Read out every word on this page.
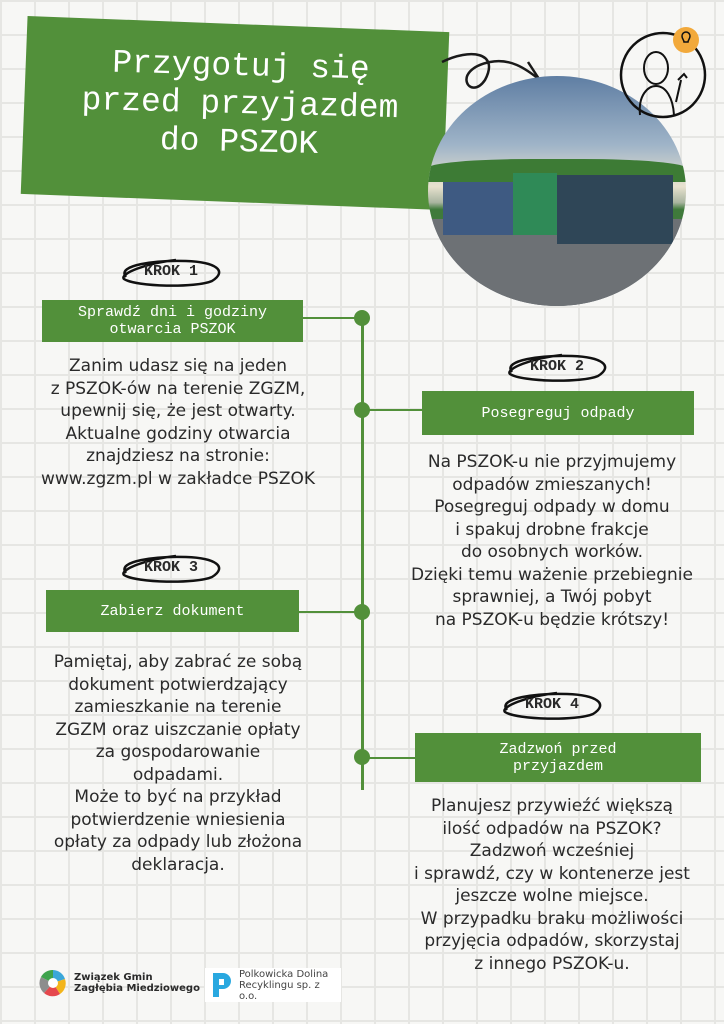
Przygotuj się
przed przyjazdem
do PSZOK
KROK 1
Sprawdź dni i godziny
otwarcia PSZOK
Zanim udasz się na jeden
z PSZOK-ów na terenie ZGZM,
upewnij się, że jest otwarty.
Aktualne godziny otwarcia
znajdziesz na stronie:
www.zgzm.pl w zakładce PSZOK
KROK 2
Posegreguj odpady
Na PSZOK-u nie przyjmujemy
odpadów zmieszanych!
Posegreguj odpady w domu
i spakuj drobne frakcje
do osobnych worków.
Dzięki temu ważenie przebiegnie
sprawniej, a Twój pobyt
na PSZOK-u będzie krótszy!
KROK 3
Zabierz dokument
Pamiętaj, aby zabrać ze sobą
dokument potwierdzający
zamieszkanie na terenie
ZGZM oraz uiszczanie opłaty
za gospodarowanie
odpadami.
Może to być na przykład
potwierdzenie wniesienia
opłaty za odpady lub złożona
deklaracja.
KROK 4
Zadzwoń przed
przyjazdem
Planujesz przywieźć większą
ilość odpadów na PSZOK?
Zadzwoń wcześniej
i sprawdź, czy w kontenerze jest
jeszcze wolne miejsce.
W przypadku braku możliwości
przyjęcia odpadów, skorzystaj
z innego PSZOK-u.
Związek Gmin
Zagłębia Miedziowego
Polkowicka Dolina
Recyklingu sp. z o.o.
